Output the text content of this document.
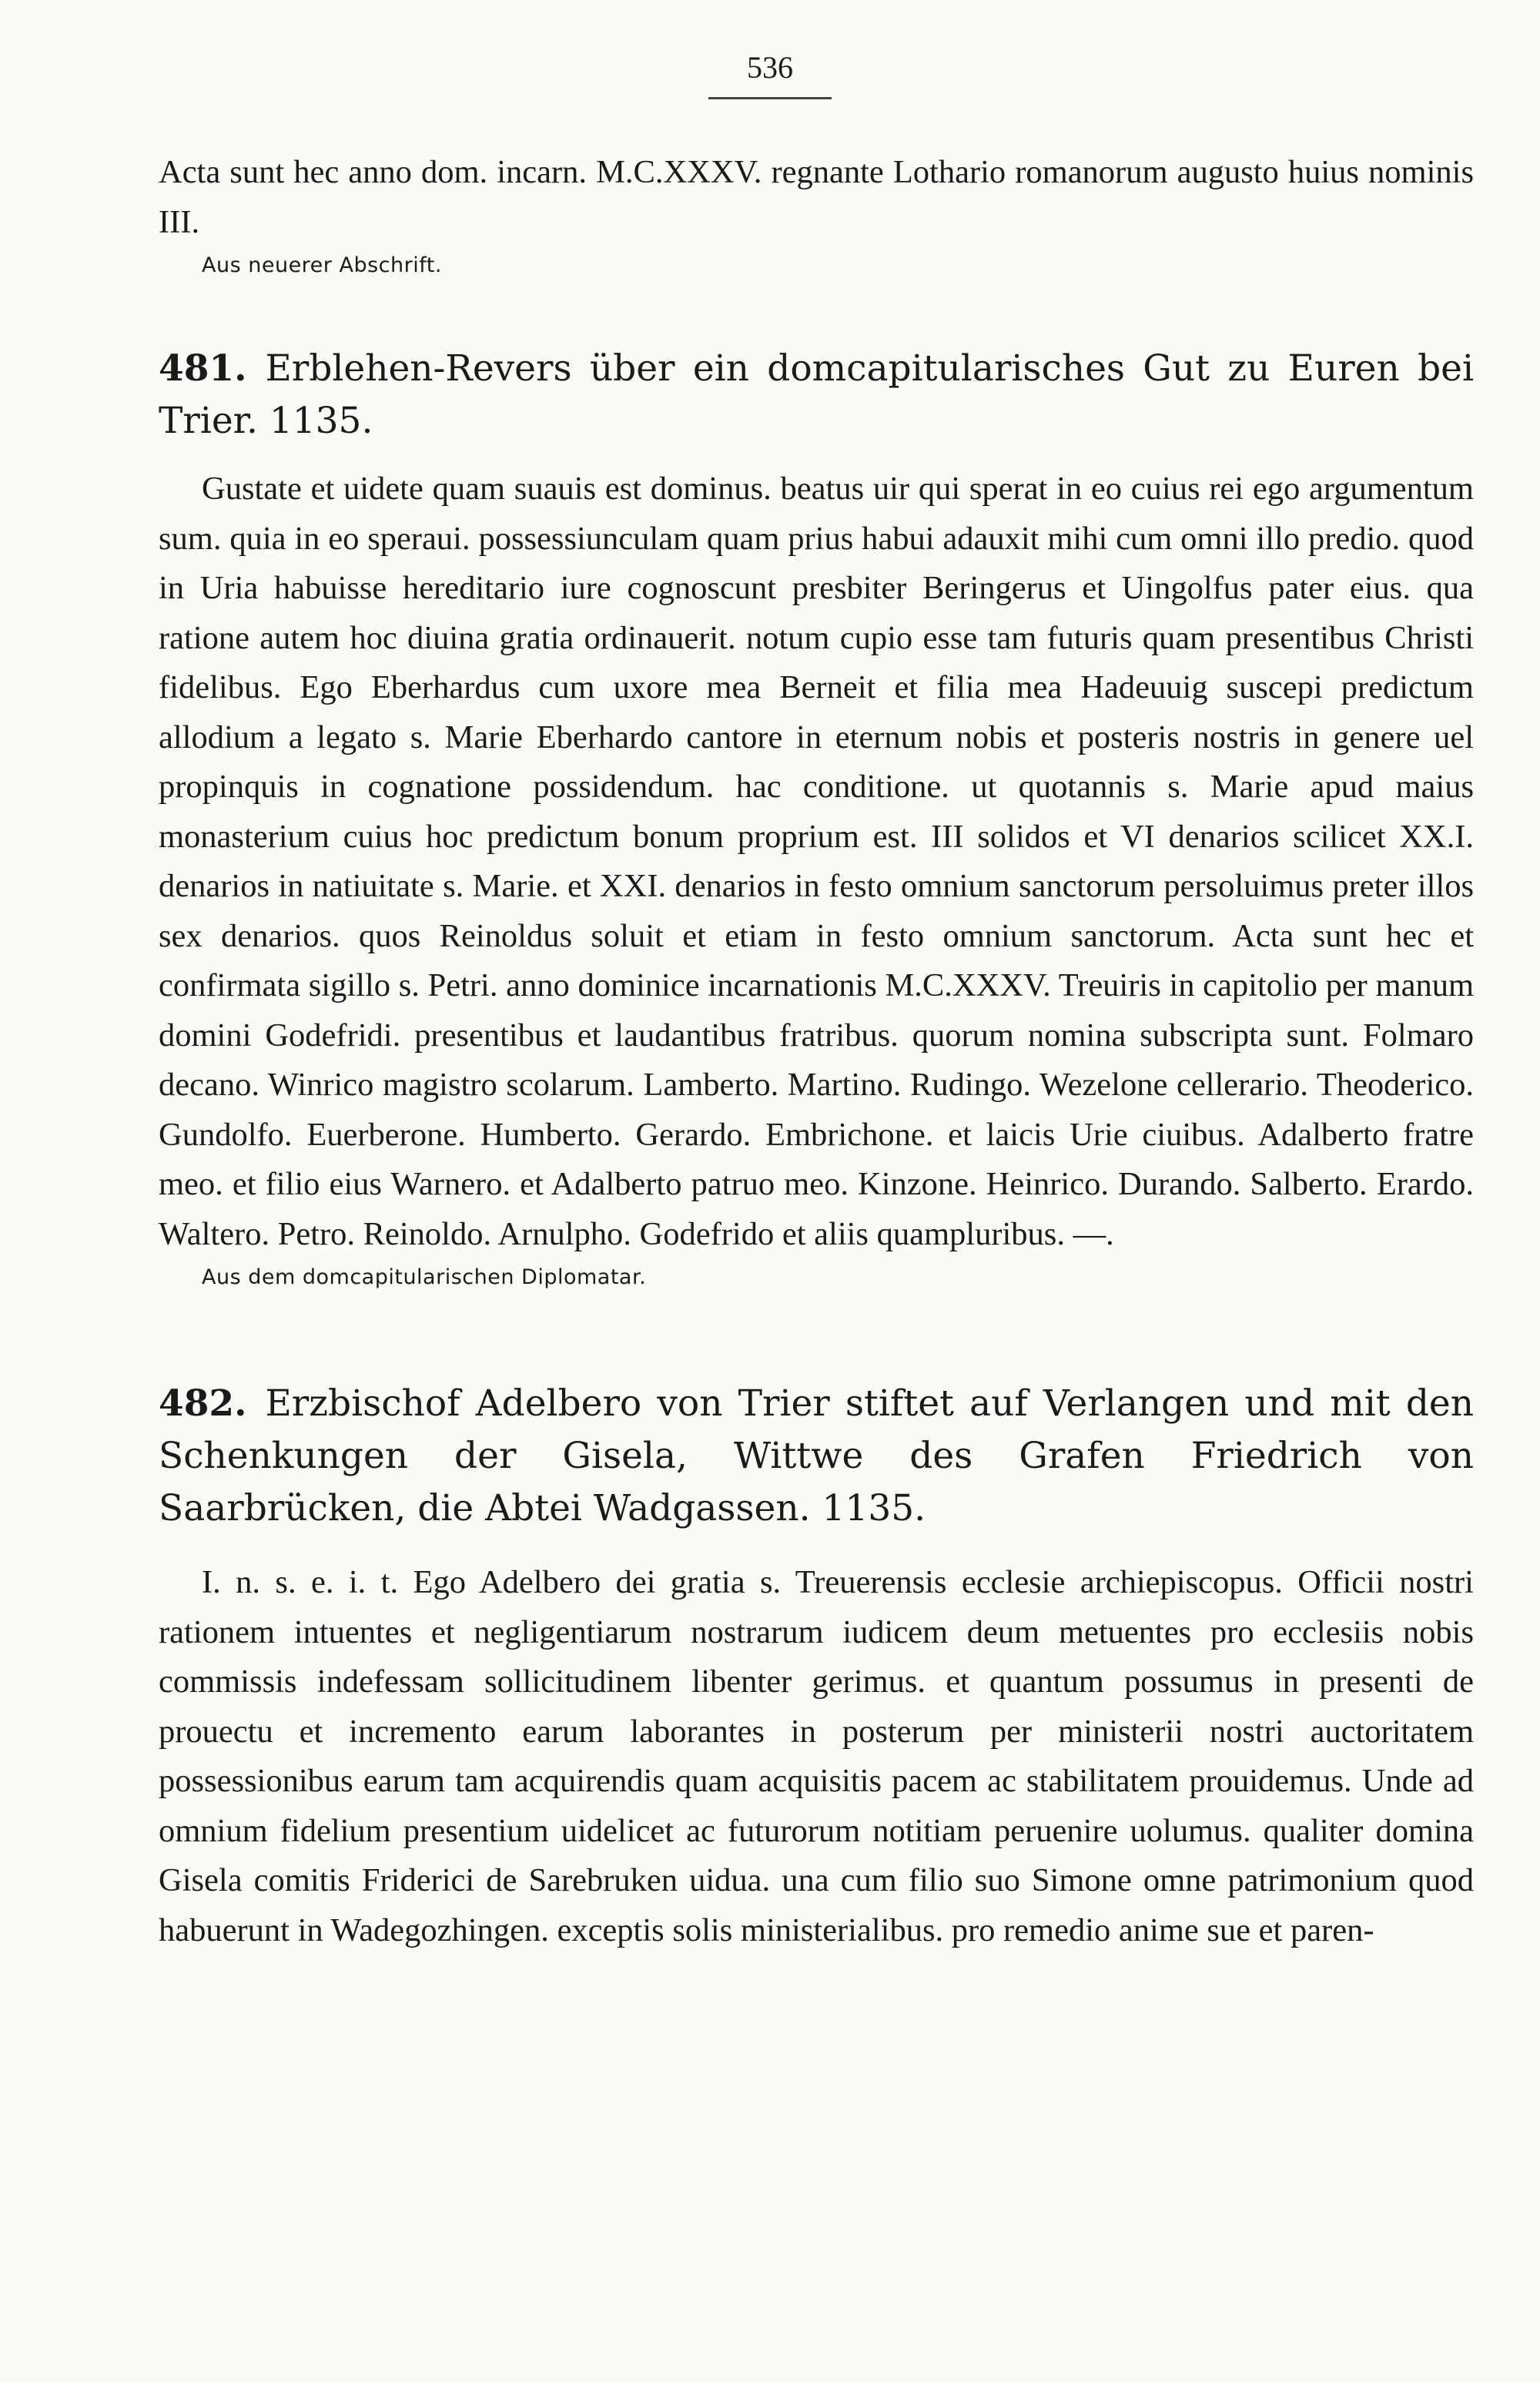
536

Acta sunt hec anno dom. incarn. M.C.XXXV. regnante Lothario romanorum augusto huius nominis III.

Aus neuerer Abschrift.
481. Erblehen-Revers über ein domcapitularisches Gut zu Euren bei Trier. 1135.

Gustate et uidete quam suauis est dominus. beatus uir qui sperat in eo cuius rei ego argumentum sum. quia in eo speraui. possessiunculam quam prius habui adauxit mihi cum omni illo predio. quod in Uria habuisse hereditario iure cognoscunt presbiter Beringerus et Uingolfus pater eius. qua ratione autem hoc diuina gratia ordinauerit. notum cupio esse tam futuris quam presentibus Christi fidelibus. Ego Eberhardus cum uxore mea Berneit et filia mea Hadeuuig suscepi predictum allodium a legato s. Marie Eberhardo cantore in eternum nobis et posteris nostris in genere uel propinquis in cognatione possidendum. hac conditione. ut quotannis s. Marie apud maius monasterium cuius hoc predictum bonum proprium est. III solidos et VI denarios scilicet XX.I. denarios in natiuitate s. Marie. et XXI. denarios in festo omnium sanctorum persoluimus preter illos sex denarios. quos Reinoldus soluit et etiam in festo omnium sanctorum. Acta sunt hec et confirmata sigillo s. Petri. anno dominice incarnationis M.C.XXXV. Treuiris in capitolio per manum domini Godefridi. presentibus et laudantibus fratribus. quorum nomina subscripta sunt. Folmaro decano. Winrico magistro scolarum. Lamberto. Martino. Rudingo. Wezelone cellerario. Theoderico. Gundolfo. Euerberone. Humberto. Gerardo. Embrichone. et laicis Urie ciuibus. Adalberto fratre meo. et filio eius Warnero. et Adalberto patruo meo. Kinzone. Heinrico. Durando. Salberto. Erardo. Waltero. Petro. Reinoldo. Arnulpho. Godefrido et aliis quampluribus. —.

Aus dem domcapitularischen Diplomatar.
482. Erzbischof Adelbero von Trier stiftet auf Verlangen und mit den Schenkungen der Gisela, Wittwe des Grafen Friedrich von Saarbrücken, die Abtei Wadgassen. 1135.

I. n. s. e. i. t. Ego Adelbero dei gratia s. Treuerensis ecclesie archiepiscopus. Officii nostri rationem intuentes et negligentiarum nostrarum iudicem deum metuentes pro ecclesiis nobis commissis indefessam sollicitudinem libenter gerimus. et quantum possumus in presenti de prouectu et incremento earum laborantes in posterum per ministerii nostri auctoritatem possessionibus earum tam acquirendis quam acquisitis pacem ac stabilitatem prouidemus. Unde ad omnium fidelium presentium uidelicet ac futurorum notitiam peruenire uolumus. qualiter domina Gisela comitis Friderici de Sarebruken uidua. una cum filio suo Simone omne patrimonium quod habuerunt in Wadegozhingen. exceptis solis ministerialibus. pro remedio anime sue et paren-
